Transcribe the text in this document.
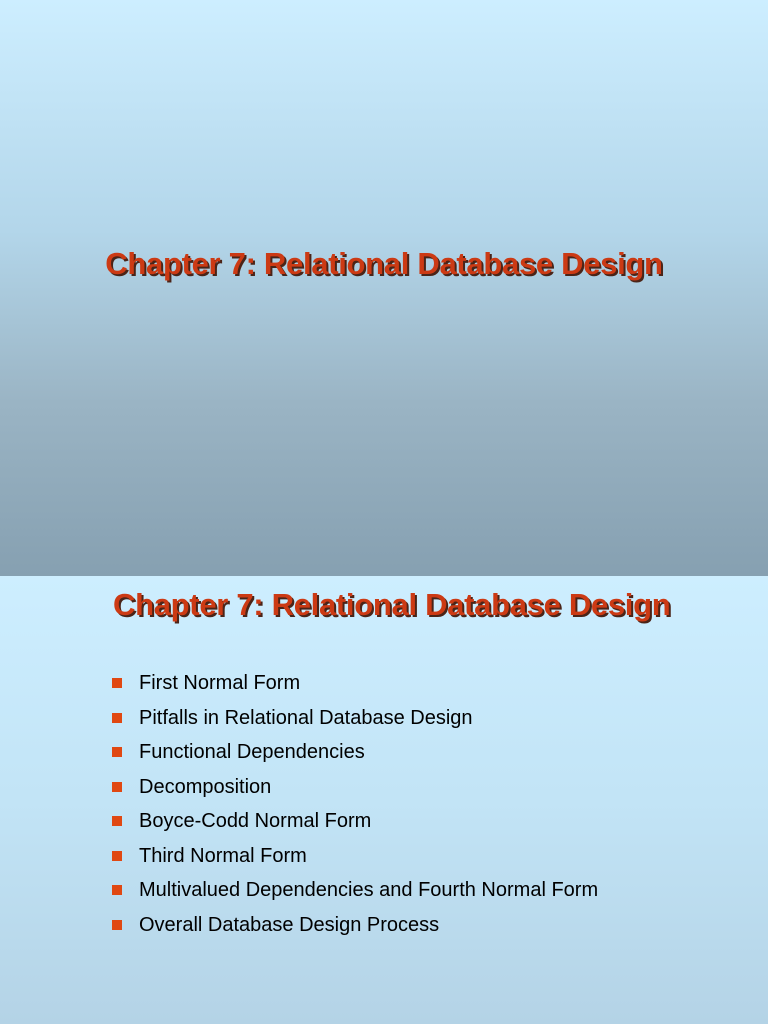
Chapter 7: Relational Database Design
Chapter 7: Relational Database Design
First Normal Form
Pitfalls in Relational Database Design
Functional Dependencies
Decomposition
Boyce-Codd Normal Form
Third Normal Form
Multivalued Dependencies and Fourth Normal Form
Overall Database Design Process
